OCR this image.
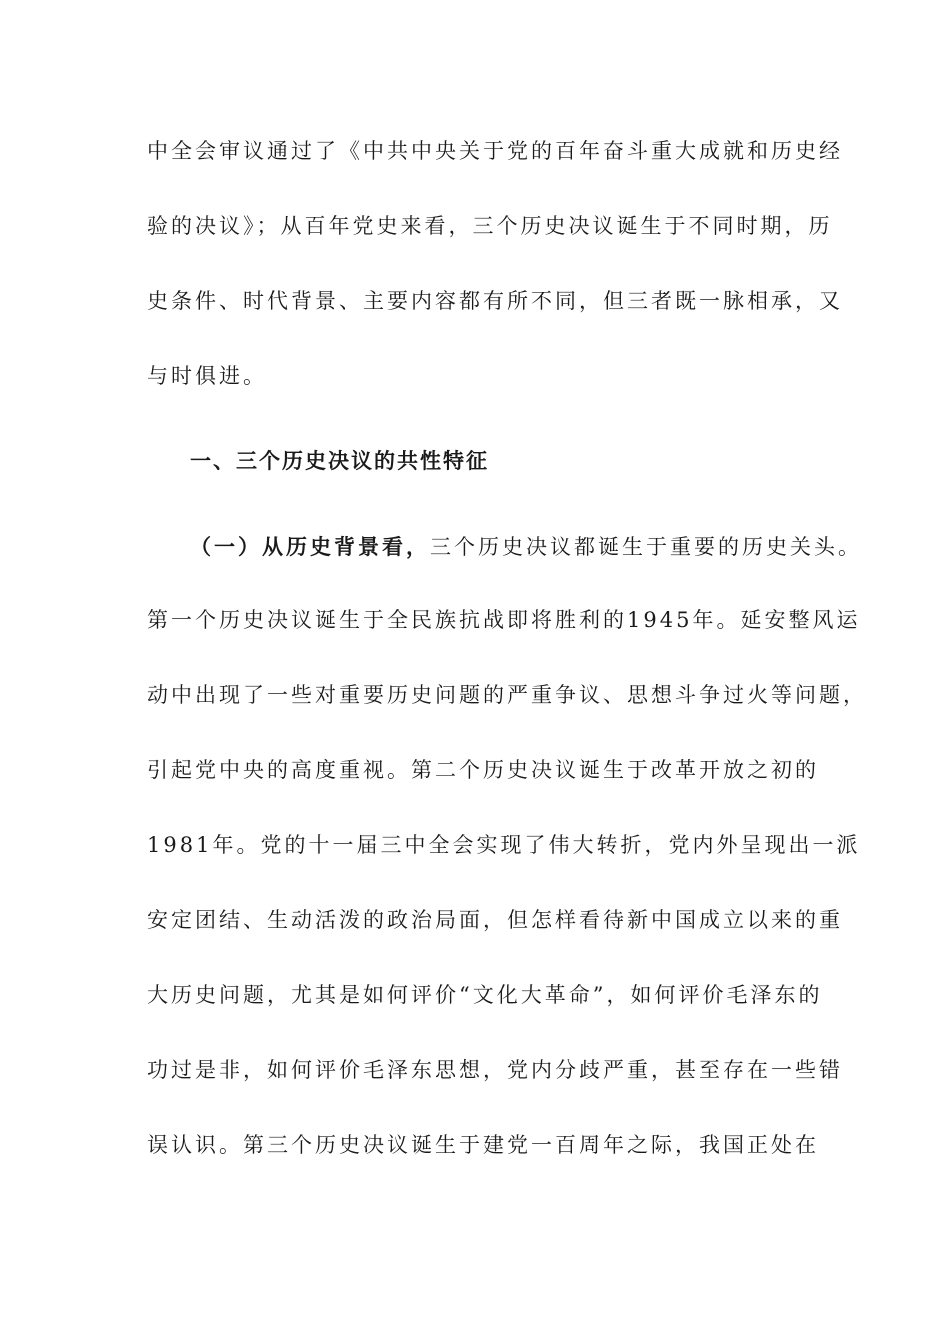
中全会审议通过了《中共中央关于党的百年奋斗重大成就和历史经
验的决议》；从百年党史来看，三个历史决议诞生于不同时期，历
史条件、时代背景、主要内容都有所不同，但三者既一脉相承，又
与时俱进。
一、三个历史决议的共性特征
（一）从历史背景看，三个历史决议都诞生于重要的历史关头。
第一个历史决议诞生于全民族抗战即将胜利的1945年。延安整风运
动中出现了一些对重要历史问题的严重争议、思想斗争过火等问题，
引起党中央的高度重视。第二个历史决议诞生于改革开放之初的
1981年。党的十一届三中全会实现了伟大转折，党内外呈现出一派
安定团结、生动活泼的政治局面，但怎样看待新中国成立以来的重
大历史问题，尤其是如何评价“文化大革命”，如何评价毛泽东的
功过是非，如何评价毛泽东思想，党内分歧严重，甚至存在一些错
误认识。第三个历史决议诞生于建党一百周年之际，我国正处在
